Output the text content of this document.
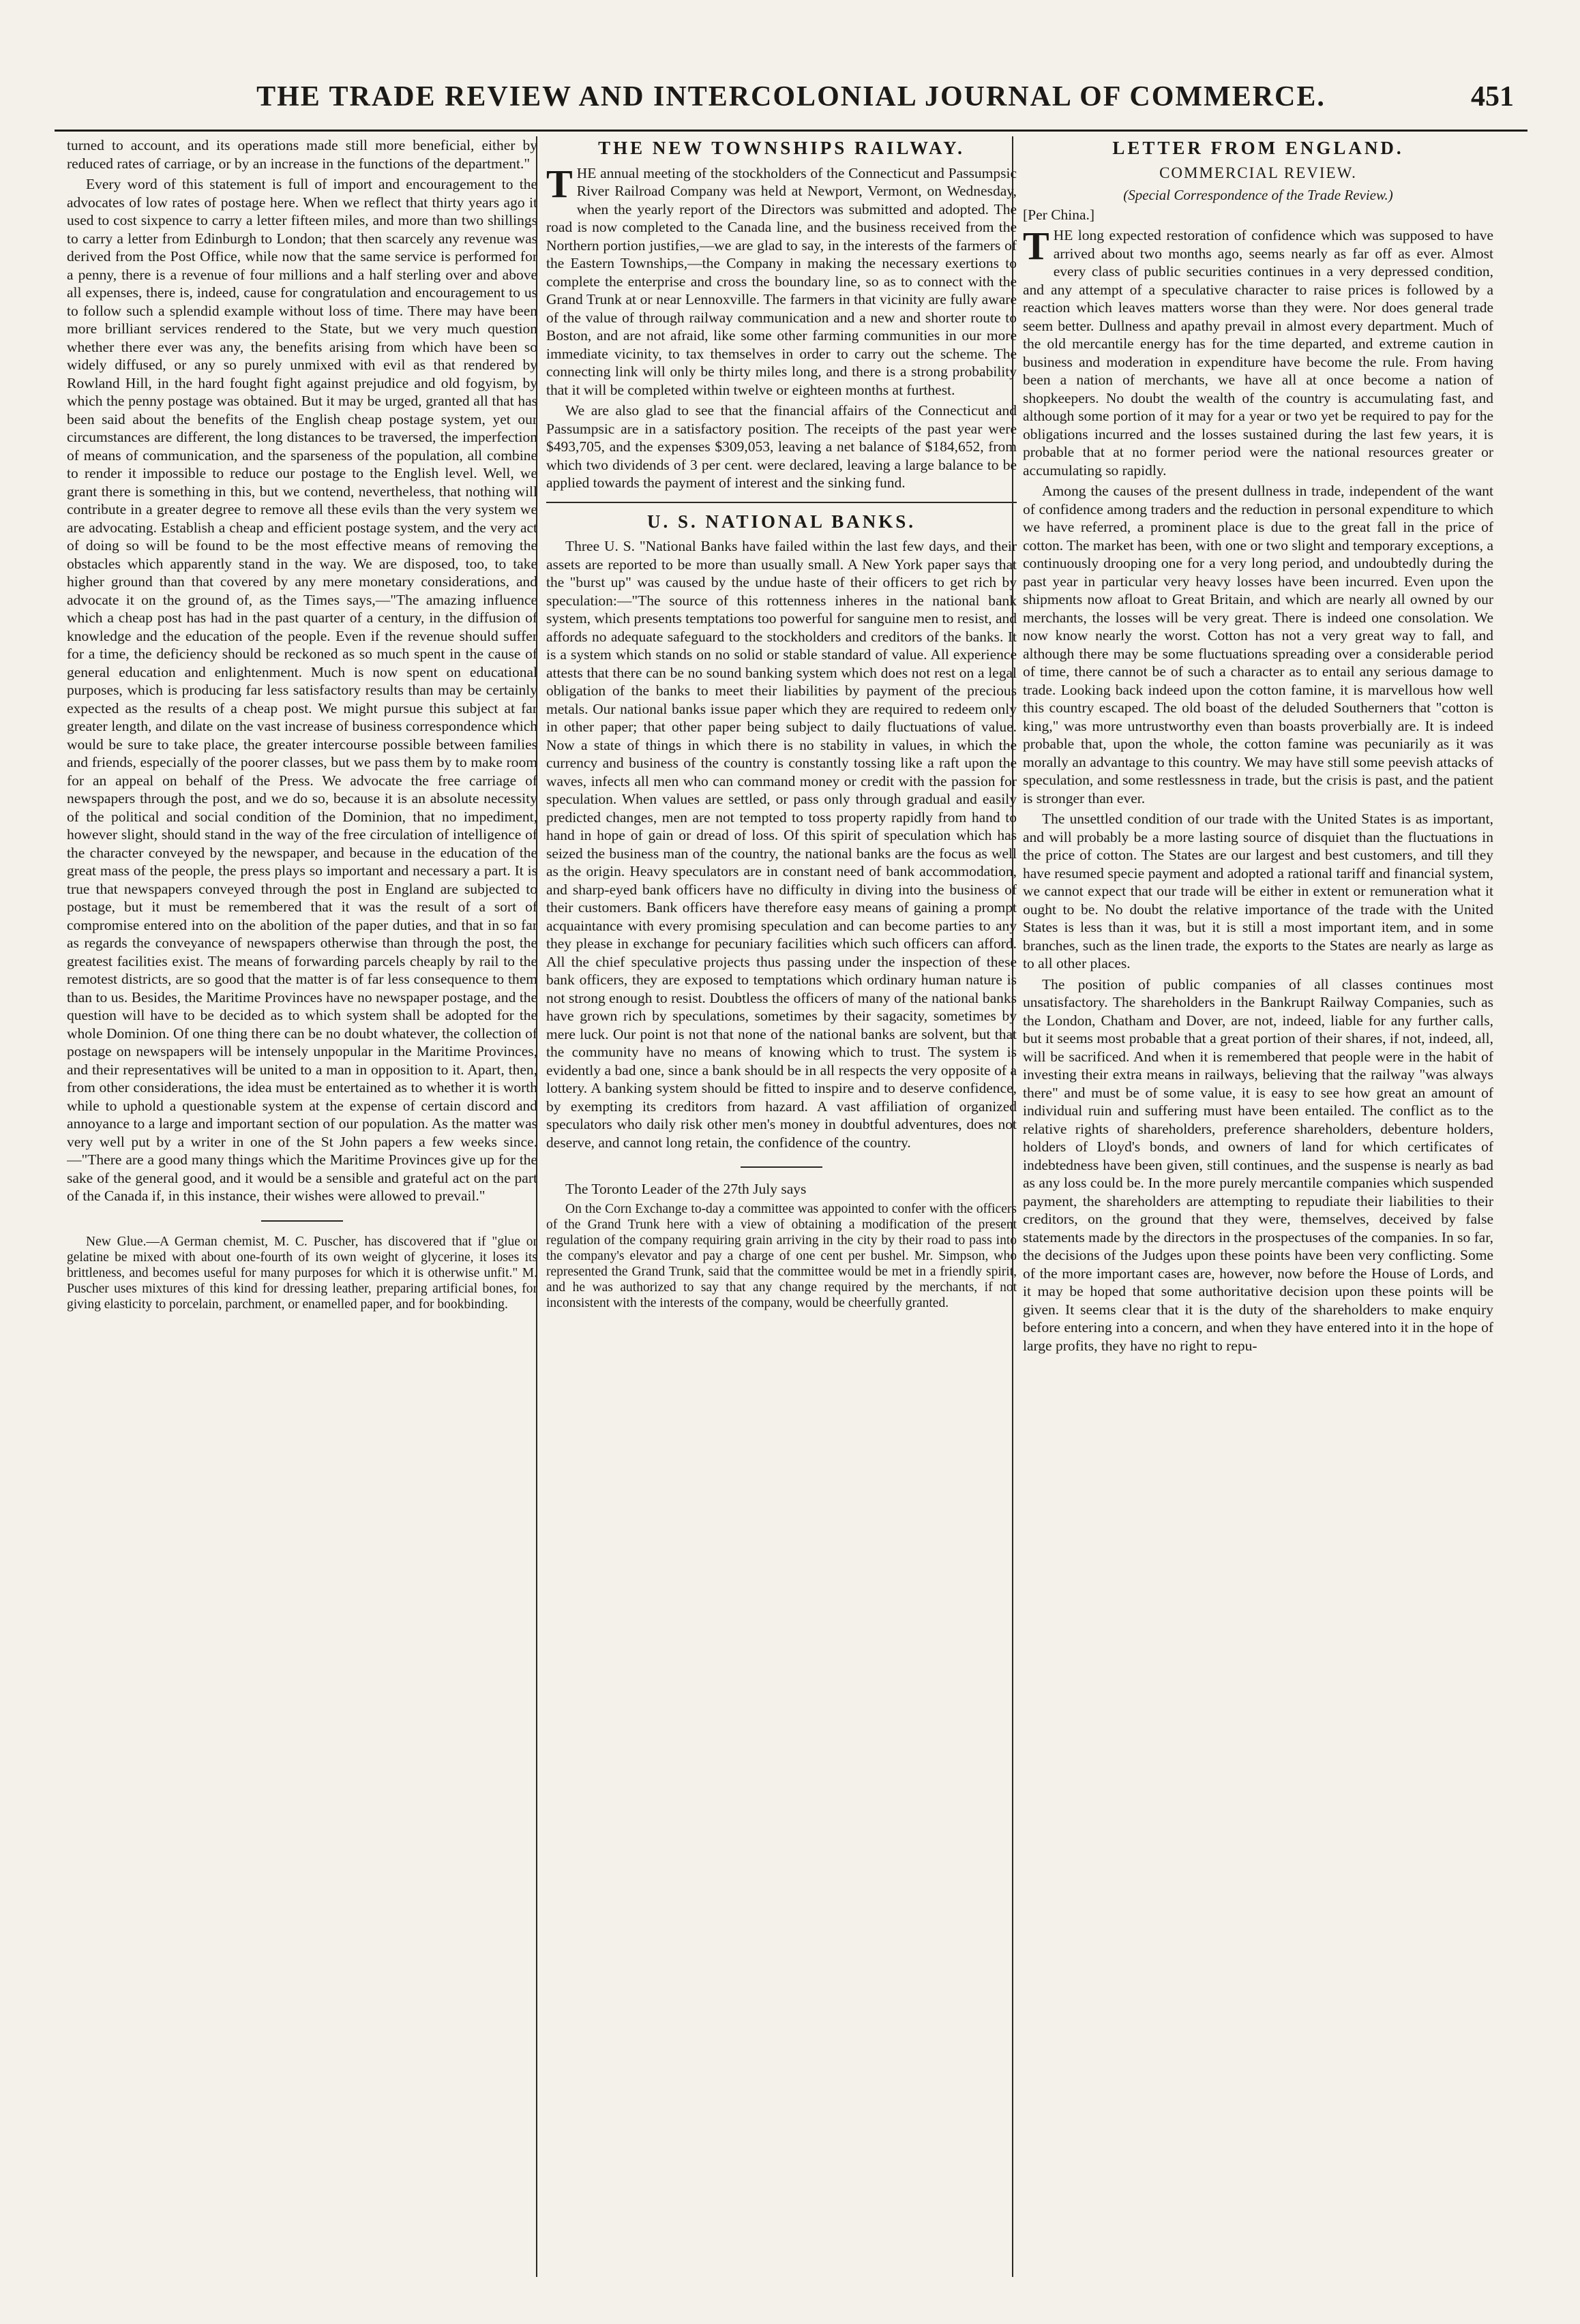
THE TRADE REVIEW AND INTERCOLONIAL JOURNAL OF COMMERCE.	451

turned to account, and its operations made still more beneficial, either by reduced rates of carriage, or by an increase in the functions of the department."

Every word of this statement is full of import and encouragement to the advocates of low rates of postage here. When we reflect that thirty years ago it used to cost sixpence to carry a letter fifteen miles, and more than two shillings to carry a letter from Edinburgh to London; that then scarcely any revenue was derived from the Post Office, while now that the same service is performed for a penny, there is a revenue of four millions and a half sterling over and above all expenses, there is, indeed, cause for congratulation and encouragement to us to follow such a splendid example without loss of time. There may have been more brilliant services rendered to the State, but we very much question whether there ever was any, the benefits arising from which have been so widely diffused, or any so purely unmixed with evil as that rendered by Rowland Hill, in the hard fought fight against prejudice and old fogyism, by which the penny postage was obtained. But it may be urged, granted all that has been said about the benefits of the English cheap postage system, yet our circumstances are different, the long distances to be traversed, the imperfection of means of communication, and the sparseness of the population, all combine to render it impossible to reduce our postage to the English level. Well, we grant there is something in this, but we contend, nevertheless, that nothing will contribute in a greater degree to remove all these evils than the very system we are advocating. Establish a cheap and efficient postage system, and the very act of doing so will be found to be the most effective means of removing the obstacles which apparently stand in the way. We are disposed, too, to take higher ground than that covered by any mere monetary considerations, and advocate it on the ground of, as the Times says,—"The amazing influence which a cheap post has had in the past quarter of a century, in the diffusion of knowledge and the education of the people. Even if the revenue should suffer for a time, the deficiency should be reckoned as so much spent in the cause of general education and enlightenment. Much is now spent on educational purposes, which is producing far less satisfactory results than may be certainly expected as the results of a cheap post. We might pursue this subject at far greater length, and dilate on the vast increase of business correspondence which would be sure to take place, the greater intercourse possible between families and friends, especially of the poorer classes, but we pass them by to make room for an appeal on behalf of the Press. We advocate the free carriage of newspapers through the post, and we do so, because it is an absolute necessity of the political and social condition of the Dominion, that no impediment, however slight, should stand in the way of the free circulation of intelligence of the character conveyed by the newspaper, and because in the education of the great mass of the people, the press plays so important and necessary a part. It is true that newspapers conveyed through the post in England are subjected to postage, but it must be remembered that it was the result of a sort of compromise entered into on the abolition of the paper duties, and that in so far as regards the conveyance of newspapers otherwise than through the post, the greatest facilities exist. The means of forwarding parcels cheaply by rail to the remotest districts, are so good that the matter is of far less consequence to them than to us. Besides, the Maritime Provinces have no newspaper postage, and the question will have to be decided as to which system shall be adopted for the whole Dominion. Of one thing there can be no doubt whatever, the collection of postage on newspapers will be intensely unpopular in the Maritime Provinces, and their representatives will be united to a man in opposition to it. Apart, then, from other considerations, the idea must be entertained as to whether it is worth while to uphold a questionable system at the expense of certain discord and annoyance to a large and important section of our population. As the matter was very well put by a writer in one of the St John papers a few weeks since.—"There are a good many things which the Maritime Provinces give up for the sake of the general good, and it would be a sensible and grateful act on the part of the Canada if, in this instance, their wishes were allowed to prevail."

New Glue.—A German chemist, M. C. Puscher, has discovered that if "glue or gelatine be mixed with about one-fourth of its own weight of glycerine, it loses its brittleness, and becomes useful for many purposes for which it is otherwise unfit." M. Puscher uses mixtures of this kind for dressing leather, preparing artificial bones, for giving elasticity to porcelain, parchment, or enamelled paper, and for bookbinding.

THE NEW TOWNSHIPS RAILWAY.

THE annual meeting of the stockholders of the Connecticut and Passumpsic River Railroad Company was held at Newport, Vermont, on Wednesday, when the yearly report of the Directors was submitted and adopted. The road is now completed to the Canada line, and the business received from the Northern portion justifies,—we are glad to say, in the interests of the farmers of the Eastern Townships,—the Company in making the necessary exertions to complete the enterprise and cross the boundary line, so as to connect with the Grand Trunk at or near Lennoxville. The farmers in that vicinity are fully aware of the value of through railway communication and a new and shorter route to Boston, and are not afraid, like some other farming communities in our more immediate vicinity, to tax themselves in order to carry out the scheme. The connecting link will only be thirty miles long, and there is a strong probability that it will be completed within twelve or eighteen months at furthest.

We are also glad to see that the financial affairs of the Connecticut and Passumpsic are in a satisfactory position. The receipts of the past year were $493,705, and the expenses $309,053, leaving a net balance of $184,652, from which two dividends of 3 per cent. were declared, leaving a large balance to be applied towards the payment of interest and the sinking fund.

U. S. NATIONAL BANKS.

Three U. S. "National Banks have failed within the last few days, and their assets are reported to be more than usually small. A New York paper says that the "burst up" was caused by the undue haste of their officers to get rich by speculation:—"The source of this rottenness inheres in the national bank system, which presents temptations too powerful for sanguine men to resist, and affords no adequate safeguard to the stockholders and creditors of the banks. It is a system which stands on no solid or stable standard of value. All experience attests that there can be no sound banking system which does not rest on a legal obligation of the banks to meet their liabilities by payment of the precious metals. Our national banks issue paper which they are required to redeem only in other paper; that other paper being subject to daily fluctuations of value. Now a state of things in which there is no stability in values, in which the currency and business of the country is constantly tossing like a raft upon the waves, infects all men who can command money or credit with the passion for speculation. When values are settled, or pass only through gradual and easily predicted changes, men are not tempted to toss property rapidly from hand to hand in hope of gain or dread of loss. Of this spirit of speculation which has seized the business man of the country, the national banks are the focus as well as the origin. Heavy speculators are in constant need of bank accommodation, and sharp-eyed bank officers have no difficulty in diving into the business of their customers. Bank officers have therefore easy means of gaining a prompt acquaintance with every promising speculation and can become parties to any they please in exchange for pecuniary facilities which such officers can afford. All the chief speculative projects thus passing under the inspection of these bank officers, they are exposed to temptations which ordinary human nature is not strong enough to resist. Doubtless the officers of many of the national banks have grown rich by speculations, sometimes by their sagacity, sometimes by mere luck. Our point is not that none of the national banks are solvent, but that the community have no means of knowing which to trust. The system is evidently a bad one, since a bank should be in all respects the very opposite of a lottery. A banking system should be fitted to inspire and to deserve confidence, by exempting its creditors from hazard. A vast affiliation of organized speculators who daily risk other men's money in doubtful adventures, does not deserve, and cannot long retain, the confidence of the country.

The Toronto Leader of the 27th July says

On the Corn Exchange to-day a committee was appointed to confer with the officers of the Grand Trunk here with a view of obtaining a modification of the present regulation of the company requiring grain arriving in the city by their road to pass into the company's elevator and pay a charge of one cent per bushel. Mr. Simpson, who represented the Grand Trunk, said that the committee would be met in a friendly spirit, and he was authorized to say that any change required by the merchants, if not inconsistent with the interests of the company, would be cheerfully granted.

LETTER FROM ENGLAND.
COMMERCIAL REVIEW.
(Special Correspondence of the Trade Review.)

[Per China.]

THE long expected restoration of confidence which was supposed to have arrived about two months ago, seems nearly as far off as ever. Almost every class of public securities continues in a very depressed condition, and any attempt of a speculative character to raise prices is followed by a reaction which leaves matters worse than they were. Nor does general trade seem better. Dullness and apathy prevail in almost every department. Much of the old mercantile energy has for the time departed, and extreme caution in business and moderation in expenditure have become the rule. From having been a nation of merchants, we have all at once become a nation of shopkeepers. No doubt the wealth of the country is accumulating fast, and although some portion of it may for a year or two yet be required to pay for the obligations incurred and the losses sustained during the last few years, it is probable that at no former period were the national resources greater or accumulating so rapidly.

Among the causes of the present dullness in trade, independent of the want of confidence among traders and the reduction in personal expenditure to which we have referred, a prominent place is due to the great fall in the price of cotton. The market has been, with one or two slight and temporary exceptions, a continuously drooping one for a very long period, and undoubtedly during the past year in particular very heavy losses have been incurred. Even upon the shipments now afloat to Great Britain, and which are nearly all owned by our merchants, the losses will be very great. There is indeed one consolation. We now know nearly the worst. Cotton has not a very great way to fall, and although there may be some fluctuations spreading over a considerable period of time, there cannot be of such a character as to entail any serious damage to trade. Looking back indeed upon the cotton famine, it is marvellous how well this country escaped. The old boast of the deluded Southerners that "cotton is king," was more untrustworthy even than boasts proverbially are. It is indeed probable that, upon the whole, the cotton famine was pecuniarily as it was morally an advantage to this country. We may have still some peevish attacks of speculation, and some restlessness in trade, but the crisis is past, and the patient is stronger than ever.

The unsettled condition of our trade with the United States is as important, and will probably be a more lasting source of disquiet than the fluctuations in the price of cotton. The States are our largest and best customers, and till they have resumed specie payment and adopted a rational tariff and financial system, we cannot expect that our trade will be either in extent or remuneration what it ought to be. No doubt the relative importance of the trade with the United States is less than it was, but it is still a most important item, and in some branches, such as the linen trade, the exports to the States are nearly as large as to all other places.

The position of public companies of all classes continues most unsatisfactory. The shareholders in the Bankrupt Railway Companies, such as the London, Chatham and Dover, are not, indeed, liable for any further calls, but it seems most probable that a great portion of their shares, if not, indeed, all, will be sacrificed. And when it is remembered that people were in the habit of investing their extra means in railways, believing that the railway "was always there" and must be of some value, it is easy to see how great an amount of individual ruin and suffering must have been entailed. The conflict as to the relative rights of shareholders, preference shareholders, debenture holders, holders of Lloyd's bonds, and owners of land for which certificates of indebtedness have been given, still continues, and the suspense is nearly as bad as any loss could be. In the more purely mercantile companies which suspended payment, the shareholders are attempting to repudiate their liabilities to their creditors, on the ground that they were, themselves, deceived by false statements made by the directors in the prospectuses of the companies. In so far, the decisions of the Judges upon these points have been very conflicting. Some of the more important cases are, however, now before the House of Lords, and it may be hoped that some authoritative decision upon these points will be given. It seems clear that it is the duty of the shareholders to make enquiry before entering into a concern, and when they have entered into it in the hope of large profits, they have no right to repu-
